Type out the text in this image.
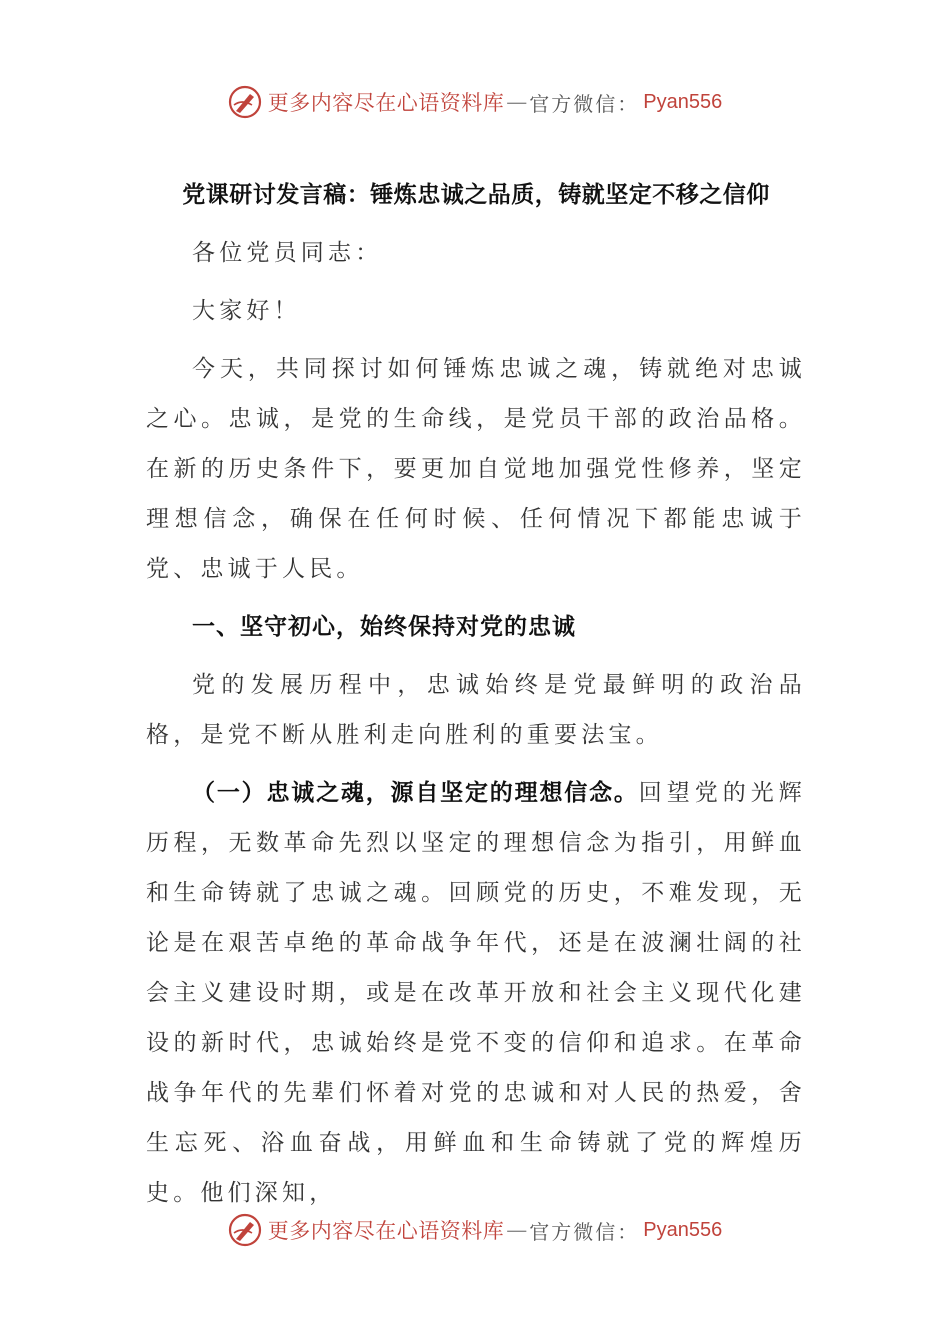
更多内容尽在心语资料库 — 官方微信： Pyan556
党课研讨发言稿：锤炼忠诚之品质，铸就坚定不移之信仰

各位党员同志：

大家好！

今天，共同探讨如何锤炼忠诚之魂，铸就绝对忠诚之心。忠诚，是党的生命线，是党员干部的政治品格。在新的历史条件下，要更加自觉地加强党性修养，坚定理想信念，确保在任何时候、任何情况下都能忠诚于党、忠诚于人民。

一、坚守初心，始终保持对党的忠诚

党的发展历程中，忠诚始终是党最鲜明的政治品格，是党不断从胜利走向胜利的重要法宝。

（一）忠诚之魂，源自坚定的理想信念。回望党的光辉历程，无数革命先烈以坚定的理想信念为指引，用鲜血和生命铸就了忠诚之魂。回顾党的历史，不难发现，无论是在艰苦卓绝的革命战争年代，还是在波澜壮阔的社会主义建设时期，或是在改革开放和社会主义现代化建设的新时代，忠诚始终是党不变的信仰和追求。在革命战争年代的先辈们怀着对党的忠诚和对人民的热爱，舍生忘死、浴血奋战，用鲜血和生命铸就了党的辉煌历史。他们深知，

更多内容尽在心语资料库 — 官方微信： Pyan556
